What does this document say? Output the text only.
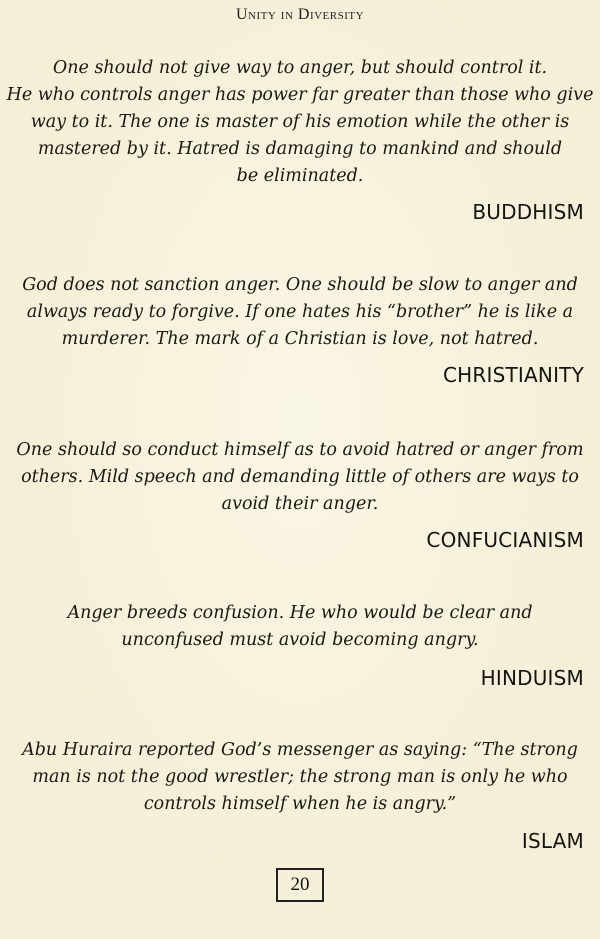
Unity in Diversity
One should not give way to anger, but should control it.
He who controls anger has power far greater than those who give
way to it. The one is master of his emotion while the other is
mastered by it. Hatred is damaging to mankind and should
be eliminated.
BUDDHISM
God does not sanction anger. One should be slow to anger and
always ready to forgive. If one hates his “brother” he is like a
murderer. The mark of a Christian is love, not hatred.
CHRISTIANITY
One should so conduct himself as to avoid hatred or anger from
others. Mild speech and demanding little of others are ways to
avoid their anger.
CONFUCIANISM
Anger breeds confusion. He who would be clear and
unconfused must avoid becoming angry.
HINDUISM
Abu Huraira reported God’s messenger as saying: “The strong
man is not the good wrestler; the strong man is only he who
controls himself when he is angry.”
ISLAM
20
